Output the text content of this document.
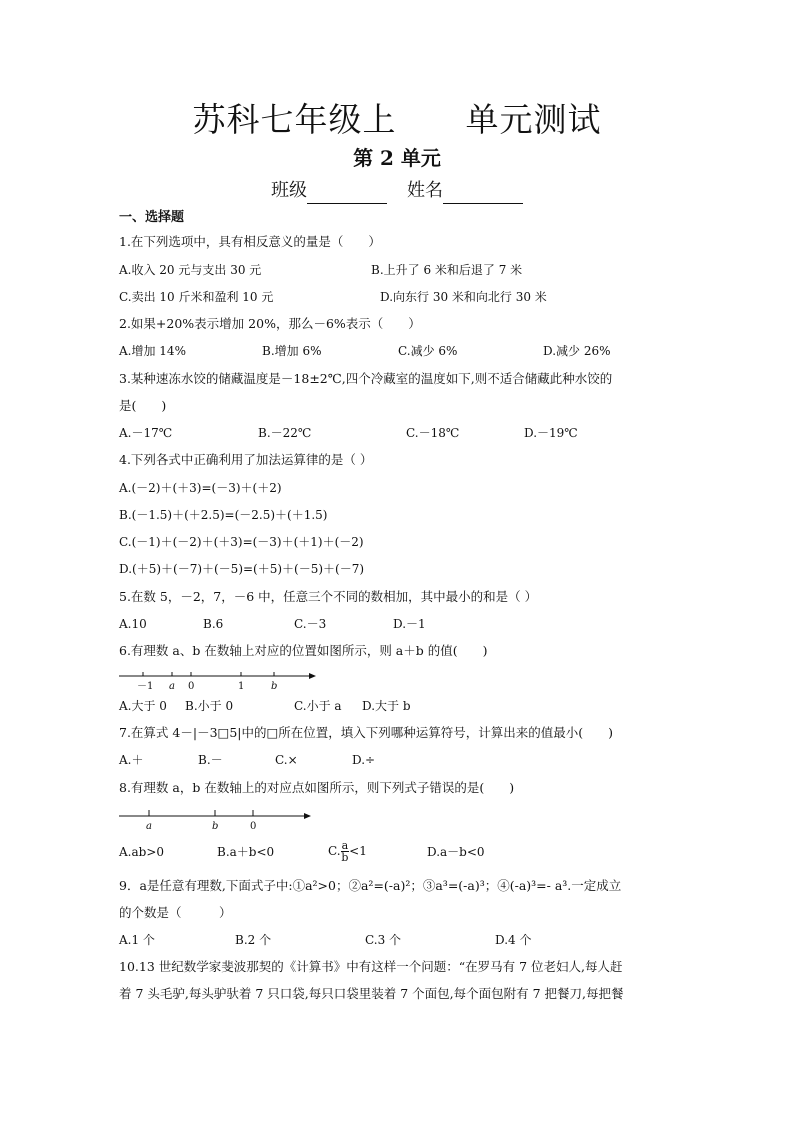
苏科七年级上      单元测试
第 2 单元
班级	姓名
一、选择题
1.在下列选项中，具有相反意义的量是（　　）
A.收入 20 元与支出 30 元	B.上升了 6 米和后退了 7 米
C.卖出 10 斤米和盈利 10 元	D.向东行 30 米和向北行 30 米
2.如果+20%表示增加 20%，那么－6%表示（　　）
A.增加 14%	B.增加 6%	C.减少 6%	D.减少 26%
3.某种速冻水饺的储藏温度是－18±2℃,四个冷藏室的温度如下,则不适合储藏此种水饺的
是(　　)
A.－17℃	B.－22℃	C.－18℃	D.－19℃
4.下列各式中正确利用了加法运算律的是（ ）
A.(－2)＋(＋3)=(－3)＋(＋2)
B.(－1.5)＋(＋2.5)=(－2.5)＋(＋1.5)
C.(－1)＋(－2)＋(＋3)=(－3)＋(＋1)＋(－2)
D.(＋5)＋(－7)＋(－5)=(＋5)＋(－5)＋(－7)
5.在数 5，－2，7，－6 中，任意三个不同的数相加，其中最小的和是（ ）
A.10	B.6	C.－3	D.－1
6.有理数 a、b 在数轴上对应的位置如图所示，则 a＋b 的值(　　)
－1 a 0	1	b
A.大于 0 B.小于 0	C.小于 a D.大于 b
7.在算式 4－|－3□5|中的□所在位置，填入下列哪种运算符号，计算出来的值最小(　　)
A.＋	B.－	C.×	D.÷
8.有理数 a，b 在数轴上的对应点如图所示，则下列式子错误的是(　　)
a	b	0
A.ab>0	B.a＋b<0	C. $\frac{a}{b} <1$	D.a－b<0
9．a是任意有理数,下面式子中:①a²>0；②a²=(-a)²；③a³=(-a)³；④(-a)³=- a³.一定成立
的个数是（　　　）
A.1 个	B.2 个	C.3 个	D.4 个
10.13 世纪数学家斐波那契的《计算书》中有这样一个问题：“在罗马有 7 位老妇人,每人赶
着 7 头毛驴,每头驴驮着 7 只口袋,每只口袋里装着 7 个面包,每个面包附有 7 把餐刀,每把餐
